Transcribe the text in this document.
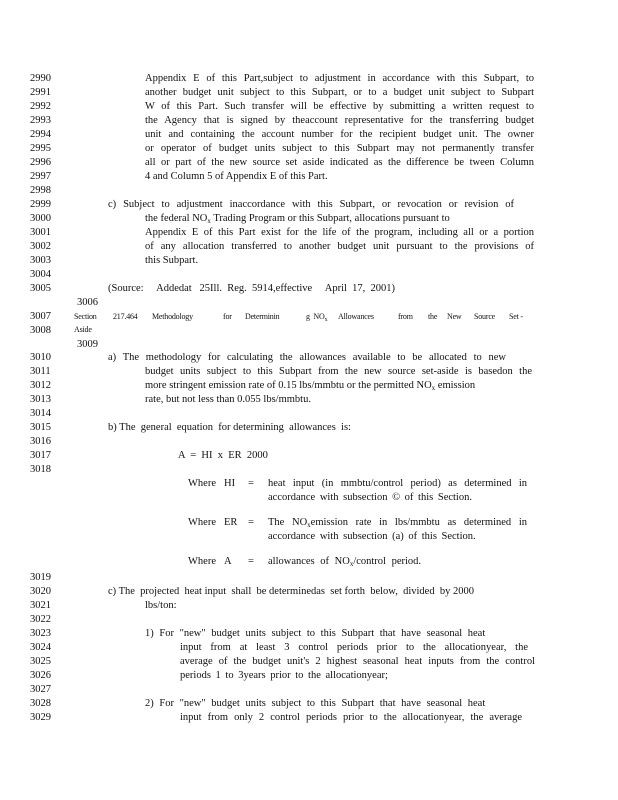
2990
2991
2992
2993
2994
2995
2996
2997
2998
2999
3000
3001
3002
3003
3004
3005
3006
3007
3008
3009
3010
3011
3012
3013
3014
3015
3016
3017
3018
3019
3020
3021
3022
3023
3024
3025
3026
3027
3028
3029
Appendix E of this Part,subject to adjustment in accordance with this Subpart, to
another budget unit subject to this Subpart, or to a budget unit subject to Subpart
W of this Part. Such transfer will be effective by submitting a written request to
the Agency that is signed by theaccount representative for the transferring budget
unit and containing the account number for the recipient budget unit. The owner
or operator of budget units subject to this Subpart may not permanently transfer
all or part of the new source set aside indicated as the difference be tween Column
4 and Column 5 of Appendix E of this Part.
c) Subject to adjustment inaccordance with this Subpart, or revocation or revision of
the federal $NO_x$ Trading Program or this Subpart, allocations pursuant to
Appendix E of this Part exist for the life of the program, including all or a portion
of any allocation transferred to another budget unit pursuant to the provisions of
this Subpart.
(Source:     Addedat   25Ill.  Reg.  5914,effective     April  17,  2001)
Section
Aside
217.464 Methodology	for Determinin	g  $NO_x$ Allowances	from the New Source Set -
a) The methodology for calculating the allowances available to be allocated to new
budget units subject to this Subpart from the new source set-aside is basedon the
more stringent emission rate of 0.15 lbs/mmbtu or the permitted $NO_x$ emission
rate, but not less than 0.055 lbs/mmbtu.
b) The  general  equation  for determining  allowances  is:
A  =  HI  x  ER  2000
Where HI = heat input (in mmbtu/control period) as determined in
accordance with subsection © of this Section.
Where ER = The $NO_xemission$ rate in lbs/mmbtu as determined in
accordance with subsection (a) of this Section.
Where A = allowances of $NO_x$/control period.
c) The  projected  heat input  shall  be determinedas  set forth  below,  divided  by 2000
lbs/ton:
1) For "new" budget units subject to this Subpart that have seasonal heat
input from at least 3 control periods prior to the allocationyear, the
average of the budget unit's 2 highest seasonal heat inputs from the control
periods 1 to 3years prior to the allocationyear;
2) For "new" budget units subject to this Subpart that have seasonal heat
input from only 2 control periods prior to the allocationyear, the average
